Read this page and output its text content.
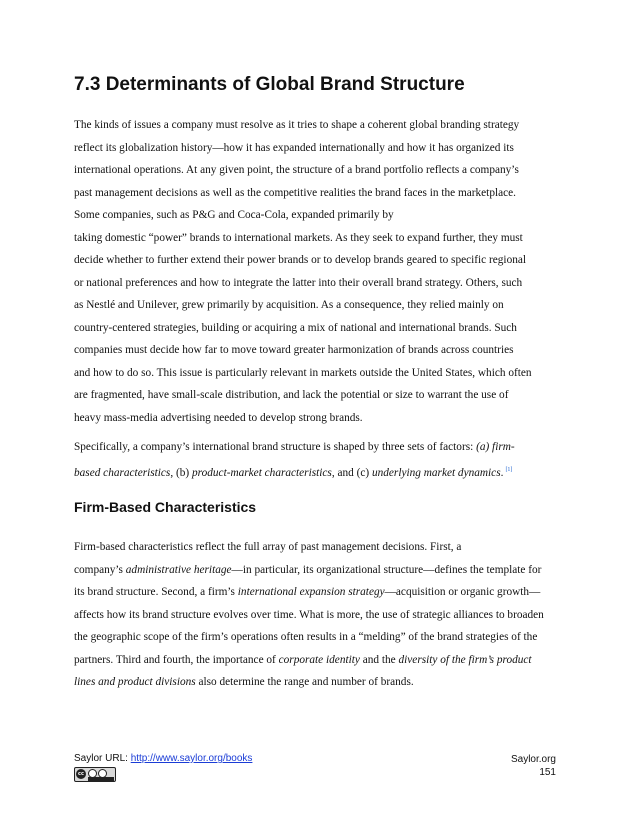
7.3 Determinants of Global Brand Structure
The kinds of issues a company must resolve as it tries to shape a coherent global branding strategy
reflect its globalization history—how it has expanded internationally and how it has organized its
international operations. At any given point, the structure of a brand portfolio reflects a company’s
past management decisions as well as the competitive realities the brand faces in the marketplace.
Some companies, such as P&G and Coca-Cola, expanded primarily by
taking domestic “power” brands to international markets. As they seek to expand further, they must
decide whether to further extend their power brands or to develop brands geared to specific regional
or national preferences and how to integrate the latter into their overall brand strategy. Others, such
as Nestlé and Unilever, grew primarily by acquisition. As a consequence, they relied mainly on
country-centered strategies, building or acquiring a mix of national and international brands. Such
companies must decide how far to move toward greater harmonization of brands across countries
and how to do so. This issue is particularly relevant in markets outside the United States, which often
are fragmented, have small-scale distribution, and lack the potential or size to warrant the use of
heavy mass-media advertising needed to develop strong brands.
Specifically, a company’s international brand structure is shaped by three sets of factors: (a) firm-
based characteristics, (b) product-market characteristics, and (c) underlying market dynamics. [1]
Firm-Based Characteristics
Firm-based characteristics reflect the full array of past management decisions. First, a
company’s administrative heritage—in particular, its organizational structure—defines the template for
its brand structure. Second, a firm’s international expansion strategy—acquisition or organic growth—
affects how its brand structure evolves over time. What is more, the use of strategic alliances to broaden
the geographic scope of the firm’s operations often results in a “melding” of the brand strategies of the
partners. Third and fourth, the importance of corporate identity and the diversity of the firm’s product
lines and product divisions also determine the range and number of brands.
Saylor URL: http://www.saylor.org/books
cc
Saylor.org
151
